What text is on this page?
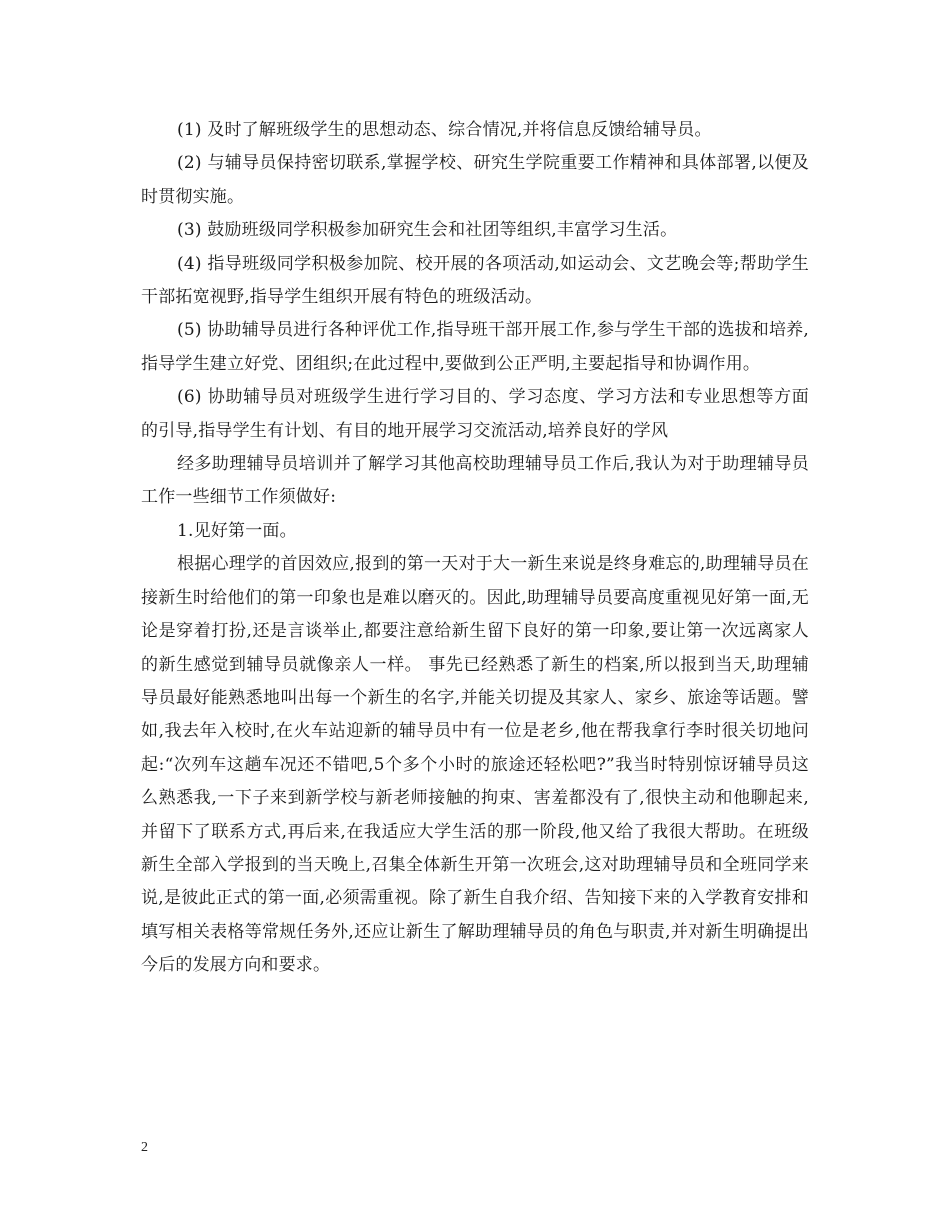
(1) 及时了解班级学生的思想动态、综合情况,并将信息反馈给辅导员。

(2) 与辅导员保持密切联系,掌握学校、研究生学院重要工作精神和具体部署,以便及时贯彻实施。

(3) 鼓励班级同学积极参加研究生会和社团等组织,丰富学习生活。

(4) 指导班级同学积极参加院、校开展的各项活动,如运动会、文艺晚会等;帮助学生干部拓宽视野,指导学生组织开展有特色的班级活动。

(5) 协助辅导员进行各种评优工作,指导班干部开展工作,参与学生干部的选拔和培养,指导学生建立好党、团组织;在此过程中,要做到公正严明,主要起指导和协调作用。

(6) 协助辅导员对班级学生进行学习目的、学习态度、学习方法和专业思想等方面的引导,指导学生有计划、有目的地开展学习交流活动,培养良好的学风

经多助理辅导员培训并了解学习其他高校助理辅导员工作后,我认为对于助理辅导员工作一些细节工作须做好:

1.见好第一面。

根据心理学的首因效应,报到的第一天对于大一新生来说是终身难忘的,助理辅导员在接新生时给他们的第一印象也是难以磨灭的。因此,助理辅导员要高度重视见好第一面,无论是穿着打扮,还是言谈举止,都要注意给新生留下良好的第一印象,要让第一次远离家人的新生感觉到辅导员就像亲人一样。 事先已经熟悉了新生的档案,所以报到当天,助理辅导员最好能熟悉地叫出每一个新生的名字,并能关切提及其家人、家乡、旅途等话题。譬如,我去年入校时,在火车站迎新的辅导员中有一位是老乡,他在帮我拿行李时很关切地问起:“次列车这趟车况还不错吧,5个多个小时的旅途还轻松吧?”我当时特别惊讶辅导员这么熟悉我,一下子来到新学校与新老师接触的拘束、害羞都没有了,很快主动和他聊起来,并留下了联系方式,再后来,在我适应大学生活的那一阶段,他又给了我很大帮助。在班级新生全部入学报到的当天晚上,召集全体新生开第一次班会,这对助理辅导员和全班同学来说,是彼此正式的第一面,必须需重视。除了新生自我介绍、告知接下来的入学教育安排和填写相关表格等常规任务外,还应让新生了解助理辅导员的角色与职责,并对新生明确提出今后的发展方向和要求。

2
